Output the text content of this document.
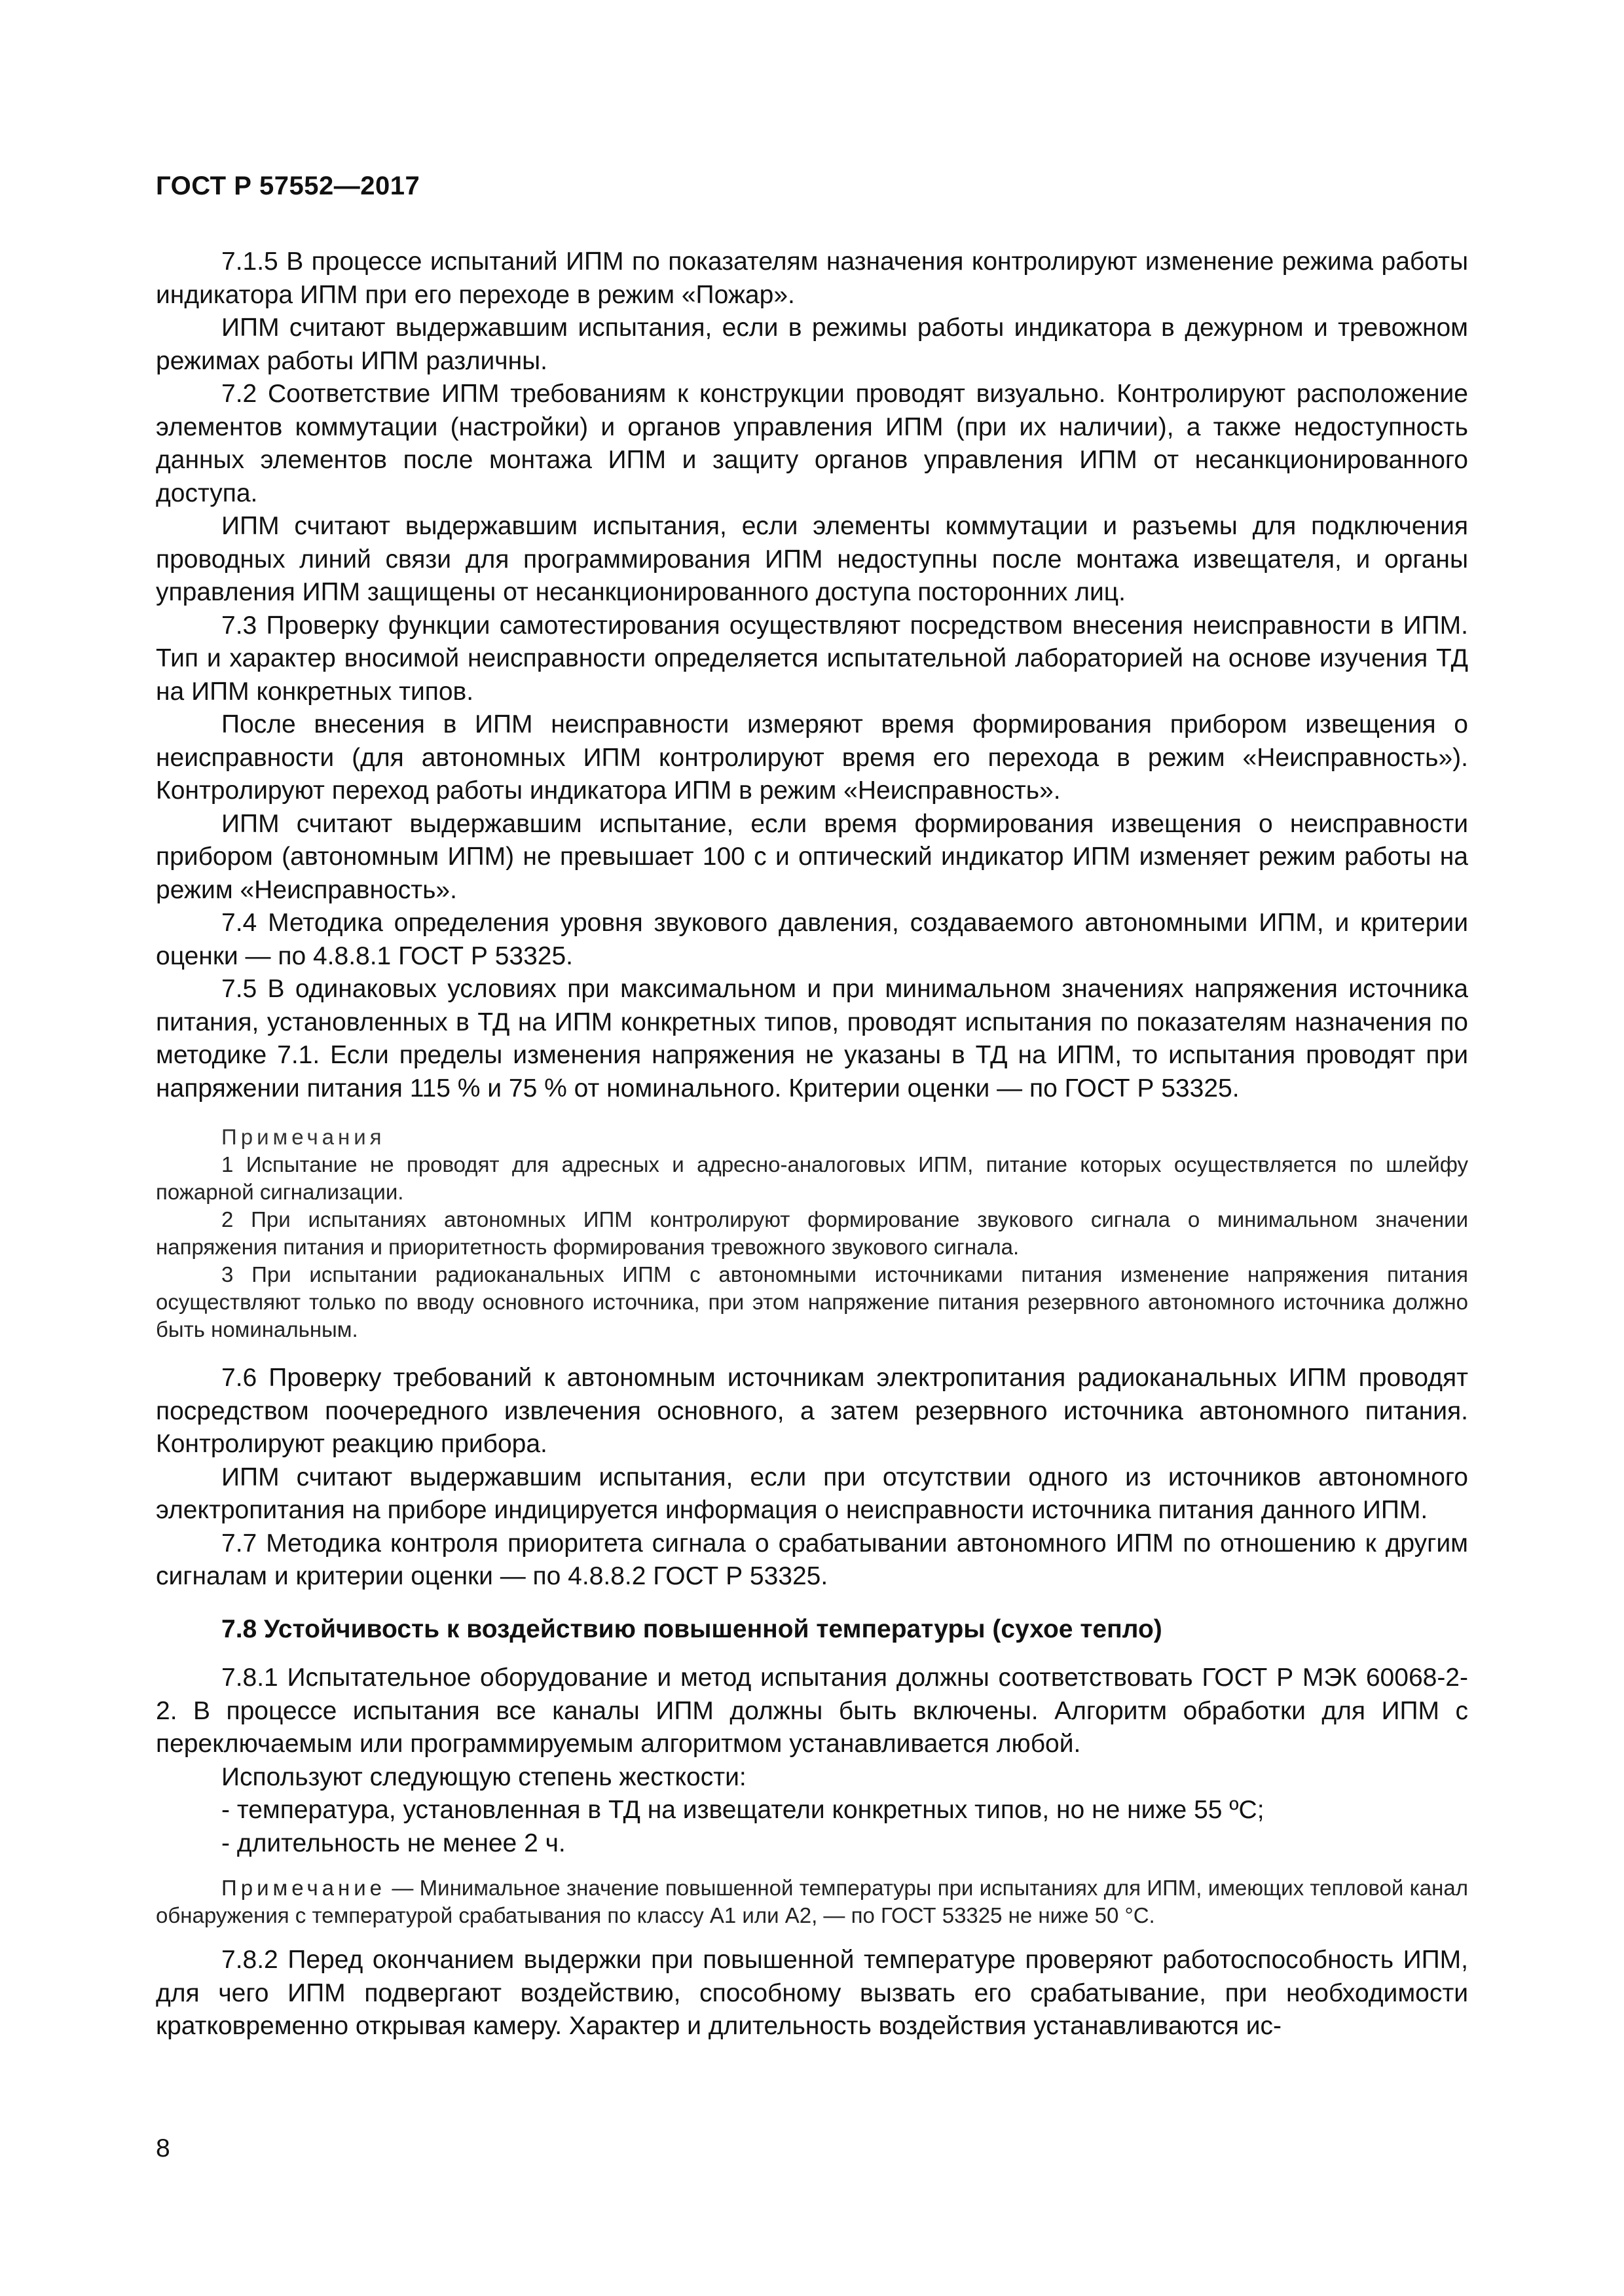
ГОСТ Р 57552—2017

7.1.5 В процессе испытаний ИПМ по показателям назначения контролируют изменение режима работы индикатора ИПМ при его переходе в режим «Пожар».

ИПМ считают выдержавшим испытания, если в режимы работы индикатора в дежурном и тревожном режимах работы ИПМ различны.

7.2 Соответствие ИПМ требованиям к конструкции проводят визуально. Контролируют расположение элементов коммутации (настройки) и органов управления ИПМ (при их наличии), а также недоступность данных элементов после монтажа ИПМ и защиту органов управления ИПМ от несанкционированного доступа.

ИПМ считают выдержавшим испытания, если элементы коммутации и разъемы для подключения проводных линий связи для программирования ИПМ недоступны после монтажа извещателя, и органы управления ИПМ защищены от несанкционированного доступа посторонних лиц.

7.3 Проверку функции самотестирования осуществляют посредством внесения неисправности в ИПМ. Тип и характер вносимой неисправности определяется испытательной лабораторией на основе изучения ТД на ИПМ конкретных типов.

После внесения в ИПМ неисправности измеряют время формирования прибором извещения о неисправности (для автономных ИПМ контролируют время его перехода в режим «Неисправность»). Контролируют переход работы индикатора ИПМ в режим «Неисправность».

ИПМ считают выдержавшим испытание, если время формирования извещения о неисправности прибором (автономным ИПМ) не превышает 100 с и оптический индикатор ИПМ изменяет режим работы на режим «Неисправность».

7.4 Методика определения уровня звукового давления, создаваемого автономными ИПМ, и критерии оценки — по 4.8.8.1 ГОСТ Р 53325.

7.5 В одинаковых условиях при максимальном и при минимальном значениях напряжения источника питания, установленных в ТД на ИПМ конкретных типов, проводят испытания по показателям назначения по методике 7.1. Если пределы изменения напряжения не указаны в ТД на ИПМ, то испытания проводят при напряжении питания 115 % и 75 % от номинального. Критерии оценки — по ГОСТ Р 53325.

Примечания

1 Испытание не проводят для адресных и адресно-аналоговых ИПМ, питание которых осуществляется по шлейфу пожарной сигнализации.

2 При испытаниях автономных ИПМ контролируют формирование звукового сигнала о минимальном значении напряжения питания и приоритетность формирования тревожного звукового сигнала.

3 При испытании радиоканальных ИПМ с автономными источниками питания изменение напряжения питания осуществляют только по вводу основного источника, при этом напряжение питания резервного автономного источника должно быть номинальным.

7.6 Проверку требований к автономным источникам электропитания радиоканальных ИПМ проводят посредством поочередного извлечения основного, а затем резервного источника автономного питания. Контролируют реакцию прибора.

ИПМ считают выдержавшим испытания, если при отсутствии одного из источников автономного электропитания на приборе индицируется информация о неисправности источника питания данного ИПМ.

7.7 Методика контроля приоритета сигнала о срабатывании автономного ИПМ по отношению к другим сигналам и критерии оценки — по 4.8.8.2 ГОСТ Р 53325.

7.8 Устойчивость к воздействию повышенной температуры (сухое тепло)

7.8.1 Испытательное оборудование и метод испытания должны соответствовать ГОСТ Р МЭК 60068-2-2. В процессе испытания все каналы ИПМ должны быть включены. Алгоритм обработки для ИПМ с переключаемым или программируемым алгоритмом устанавливается любой.

Используют следующую степень жесткости:

- температура, установленная в ТД на извещатели конкретных типов, но не ниже 55 ºС;
- длительность не менее 2 ч.

Примечание — Минимальное значение повышенной температуры при испытаниях для ИПМ, имеющих тепловой канал обнаружения с температурой срабатывания по классу А1 или А2, — по ГОСТ 53325 не ниже 50 °С.

7.8.2 Перед окончанием выдержки при повышенной температуре проверяют работоспособность ИПМ, для чего ИПМ подвергают воздействию, способному вызвать его срабатывание, при необходимости кратковременно открывая камеру. Характер и длительность воздействия устанавливаются ис-

8
